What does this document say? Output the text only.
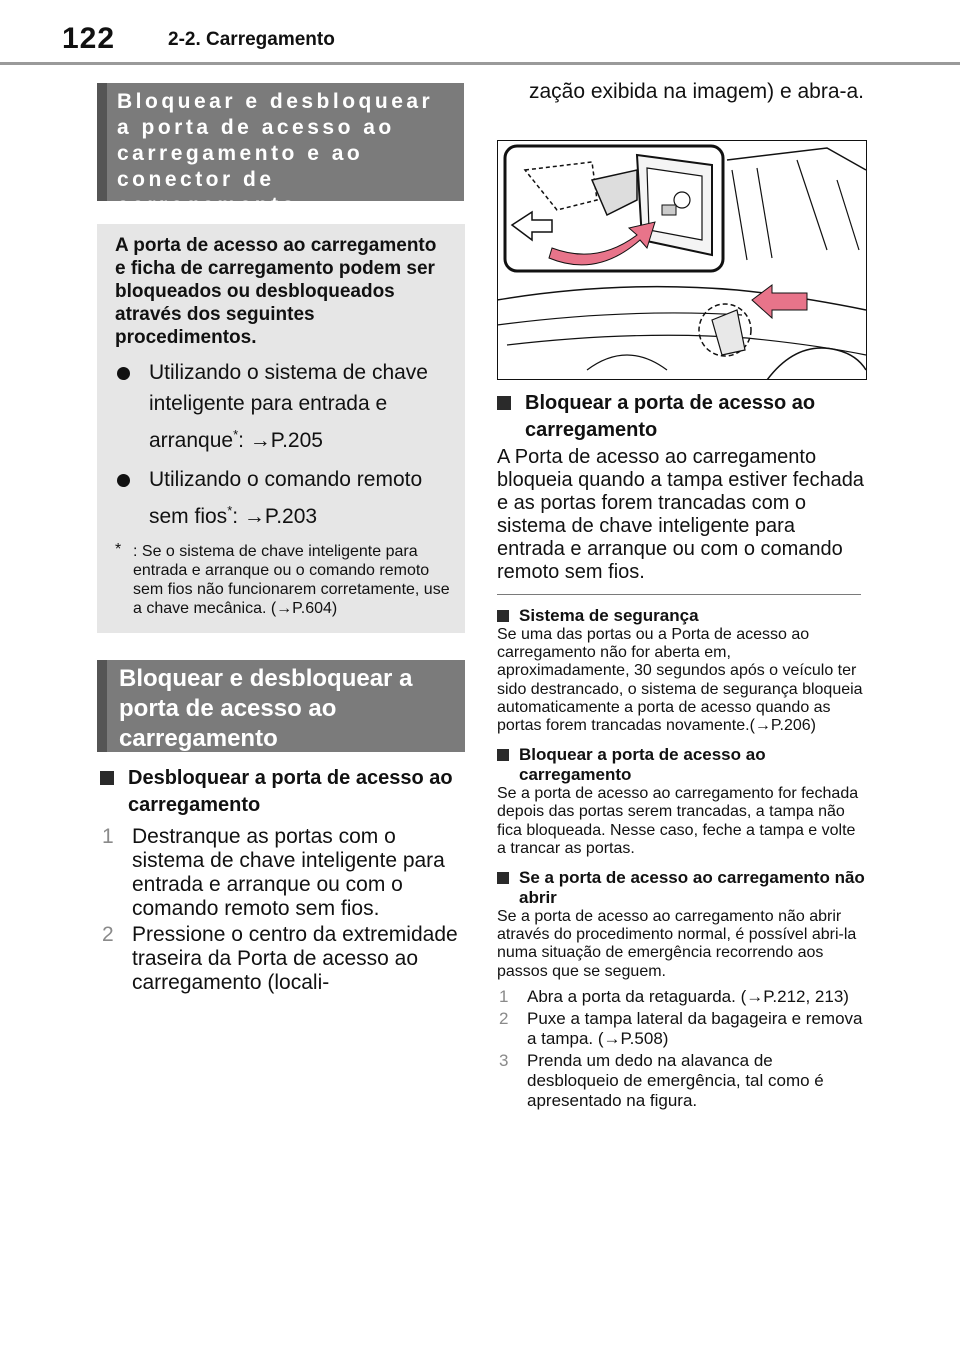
122	2-2. Carregamento
Bloquear e desbloquear a porta de acesso ao carregamento e ao conector de carregamento
A porta de acesso ao carregamento e ficha de carregamento podem ser bloqueados ou desbloqueados através dos seguintes procedimentos.
Utilizando o sistema de chave inteligente para entrada e arranque*: →P.205
Utilizando o comando remoto sem fios*: →P.203
* : Se o sistema de chave inteligente para entrada e arranque ou o comando remoto sem fios não funcionarem corretamente, use a chave mecânica. (→P.604)
Bloquear e desbloquear a porta de acesso ao carregamento
Desbloquear a porta de acesso ao carregamento
1 Destranque as portas com o sistema de chave inteligente para entrada e arranque ou com o comando remoto sem fios.
2 Pressione o centro da extremidade traseira da Porta de acesso ao carregamento (locali-
zação exibida na imagem) e abra-a.
Bloquear a porta de acesso ao carregamento
A Porta de acesso ao carregamento bloqueia quando a tampa estiver fechada e as portas forem trancadas com o sistema de chave inteligente para entrada e arranque ou com o comando remoto sem fios.
Sistema de segurança
Se uma das portas ou a Porta de acesso ao carregamento não for aberta em, aproximadamente, 30 segundos após o veículo ter sido destrancado, o sistema de segurança bloqueia automaticamente a porta de acesso quando as portas forem trancadas novamente.(→P.206)
Bloquear a porta de acesso ao carregamento
Se a porta de acesso ao carregamento for fechada depois das portas serem trancadas, a tampa não fica bloqueada. Nesse caso, feche a tampa e volte a trancar as portas.
Se a porta de acesso ao carregamento não abrir
Se a porta de acesso ao carregamento não abrir através do procedimento normal, é possível abri-la numa situação de emergência recorrendo aos passos que se seguem.
1 Abra a porta da retaguarda. (→P.212, 213)
2 Puxe a tampa lateral da bagageira e remova a tampa. (→P.508)
3 Prenda um dedo na alavanca de desbloqueio de emergência, tal como é apresentado na figura.
